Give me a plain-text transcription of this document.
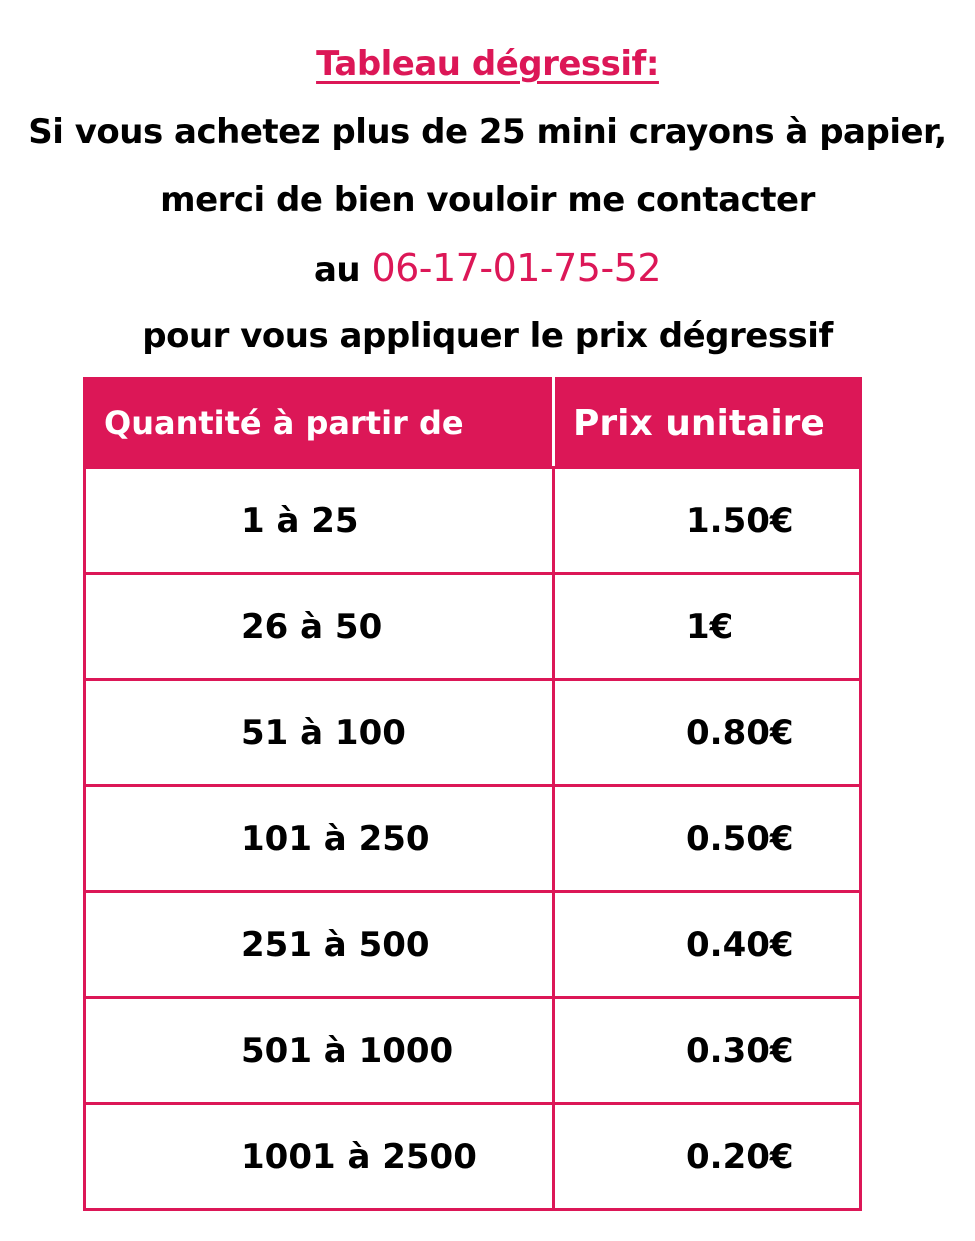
Tableau dégressif:
Si vous achetez plus de 25 mini crayons à papier,
merci de bien vouloir me contacter
au 06-17-01-75-52
pour vous appliquer le prix dégressif
Quantité à partir de	Prix unitaire
1 à 25	1.50€
26 à 50	1€
51 à 100	0.80€
101 à 250	0.50€
251 à 500	0.40€
501 à 1000	0.30€
1001 à 2500	0.20€
